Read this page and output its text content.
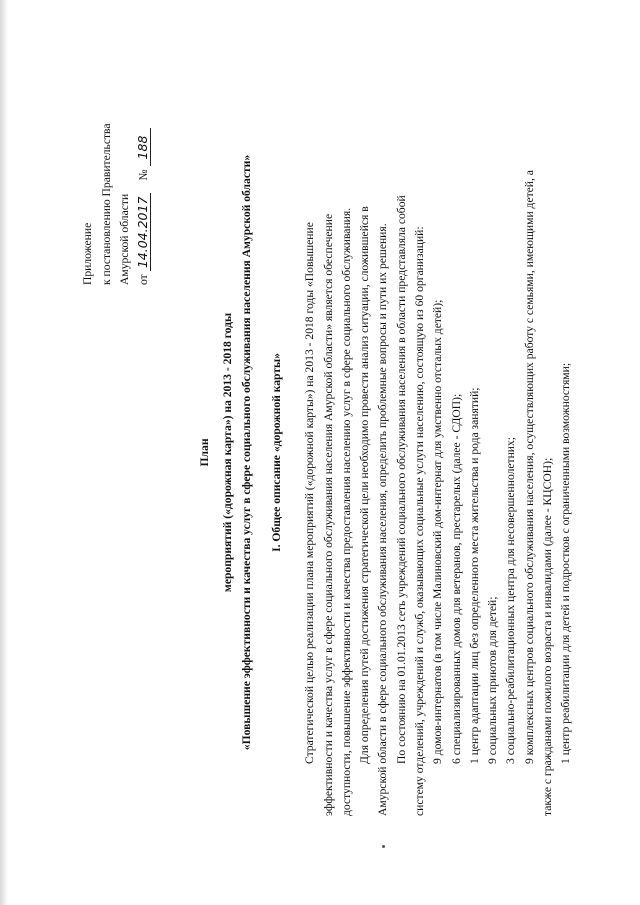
Приложение к постановлению Правительства Амурской области от 14.04.2017 № 188
План мероприятий («дорожная карта») на 2013 - 2018 годы «Повышение эффективности и качества услуг в сфере социального обслуживания населения Амурской области» I. Общее описание «дорожной карты» Стратегической целью реализации плана мероприятий («дорожной карты») на 2013 - 2018 годы «Повышение эффективности и качества услуг в сфере социального обслуживания населения Амурской области» является обеспечение доступности, повышение эффективности и качества предоставления населению услуг в сфере социального обслуживания. Для определения путей достижения стратегической цели необходимо провести анализ ситуации, сложившейся в Амурской области в сфере социального обслуживания населения, определить проблемные вопросы и пути их решения. По состоянию на 01.01.2013 сеть учреждений социального обслуживания населения в области представляла собой систему отделений, учреждений и служб, оказывающих социальные услуги населению, состоящую из 60 организаций: 9 домов-интернатов (в том числе Малиновский дом-интернат для умственно отсталых детей); 6 специализированных домов для ветеранов, престарелых (далее - СДОП); 1 центр адаптации лиц без определенного места жительства и рода занятий; 9 социальных приютов для детей; 3 социально-реабилитационных центра для несовершеннолетних; 9 комплексных центров социального обслуживания населения, осуществляющих работу с семьями, имеющими детей, а также с гражданами пожилого возраста и инвалидами (далее - КЦСОН); 1 центр реабилитации для детей и подростков с ограниченными возможностями;
